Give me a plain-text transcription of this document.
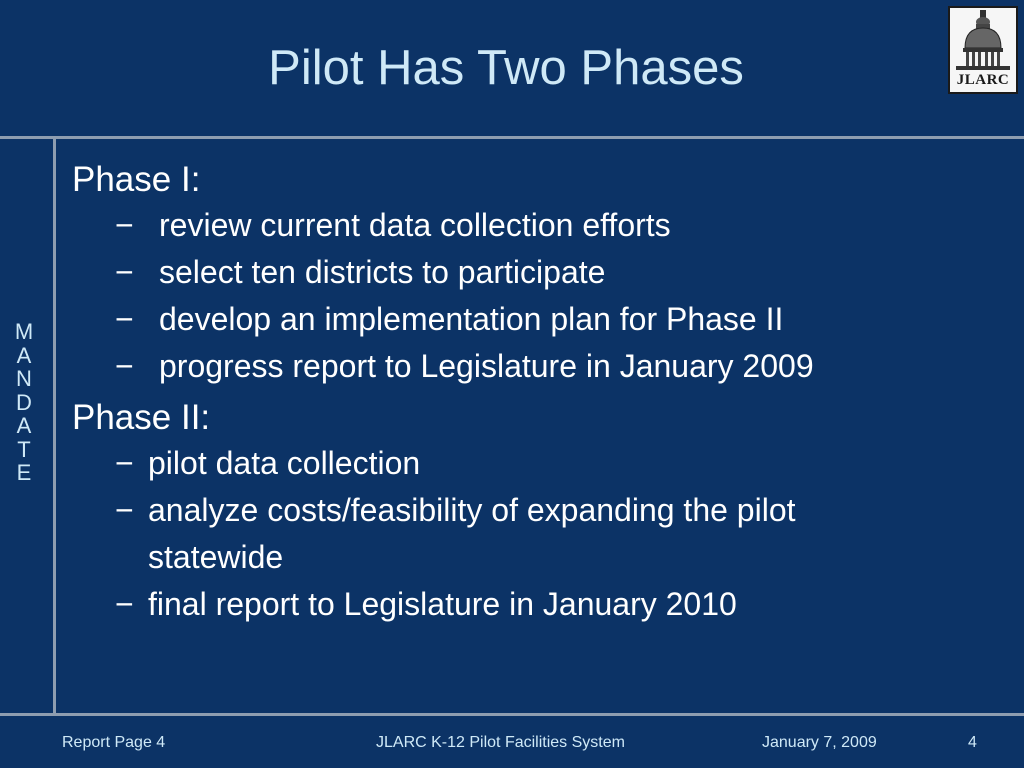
Pilot Has Two Phases	JLARC
M
A
N
D
A
T
E
Phase I:
− review current data collection efforts
− select ten districts to participate
− develop an implementation plan for Phase II
− progress report to Legislature in January 2009
Phase II:
− pilot data collection
− analyze costs/feasibility of expanding the pilot
statewide
− final report to Legislature in January 2010
Report Page 4	JLARC K-12 Pilot Facilities System	January 7, 2009	4
